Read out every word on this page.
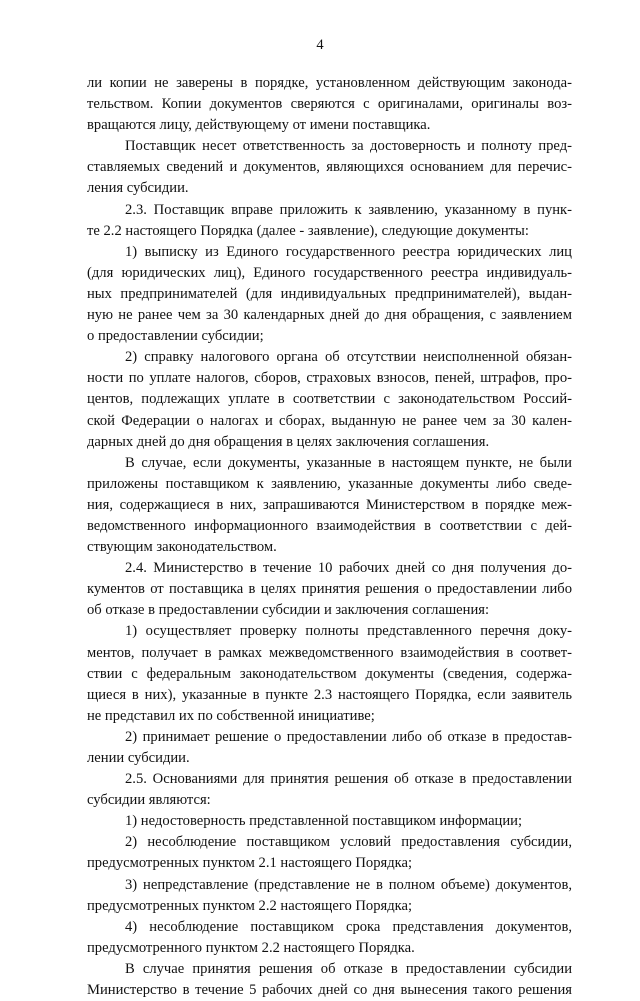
4
ли копии не заверены в порядке, установленном действующим законода-
тельством. Копии документов сверяются с оригиналами, оригиналы воз-
вращаются лицу, действующему от имени поставщика.
Поставщик несет ответственность за достоверность и полноту пред-
ставляемых сведений и документов, являющихся основанием для перечис-
ления субсидии.
2.3. Поставщик вправе приложить к заявлению, указанному в пунк-
те 2.2 настоящего Порядка (далее - заявление), следующие документы:
1) выписку из Единого государственного реестра юридических лиц
(для юридических лиц), Единого государственного реестра индивидуаль-
ных предпринимателей (для индивидуальных предпринимателей), выдан-
ную не ранее чем за 30 календарных дней до дня обращения, с заявлением
о предоставлении субсидии;
2) справку налогового органа об отсутствии неисполненной обязан-
ности по уплате налогов, сборов, страховых взносов, пеней, штрафов, про-
центов, подлежащих уплате в соответствии с законодательством Россий-
ской Федерации о налогах и сборах, выданную не ранее чем за 30 кален-
дарных дней до дня обращения в целях заключения соглашения.
В случае, если документы, указанные в настоящем пункте, не были
приложены поставщиком к заявлению, указанные документы либо сведе-
ния, содержащиеся в них, запрашиваются Министерством в порядке меж-
ведомственного информационного взаимодействия в соответствии с дей-
ствующим законодательством.
2.4. Министерство в течение 10 рабочих дней со дня получения до-
кументов от поставщика в целях принятия решения о предоставлении либо
об отказе в предоставлении субсидии и заключения соглашения:
1) осуществляет проверку полноты представленного перечня доку-
ментов, получает в рамках межведомственного взаимодействия в соответ-
ствии с федеральным законодательством документы (сведения, содержа-
щиеся в них), указанные в пункте 2.3 настоящего Порядка, если заявитель
не представил их по собственной инициативе;
2) принимает решение о предоставлении либо об отказе в предостав-
лении субсидии.
2.5. Основаниями для принятия решения об отказе в предоставлении
субсидии являются:
1) недостоверность представленной поставщиком информации;
2) несоблюдение поставщиком условий предоставления субсидии,
предусмотренных пунктом 2.1 настоящего Порядка;
3) непредставление (представление не в полном объеме) документов,
предусмотренных пунктом 2.2 настоящего Порядка;
4) несоблюдение поставщиком срока представления документов,
предусмотренного пунктом 2.2 настоящего Порядка.
В случае принятия решения об отказе в предоставлении субсидии
Министерство в течение 5 рабочих дней со дня вынесения такого решения
